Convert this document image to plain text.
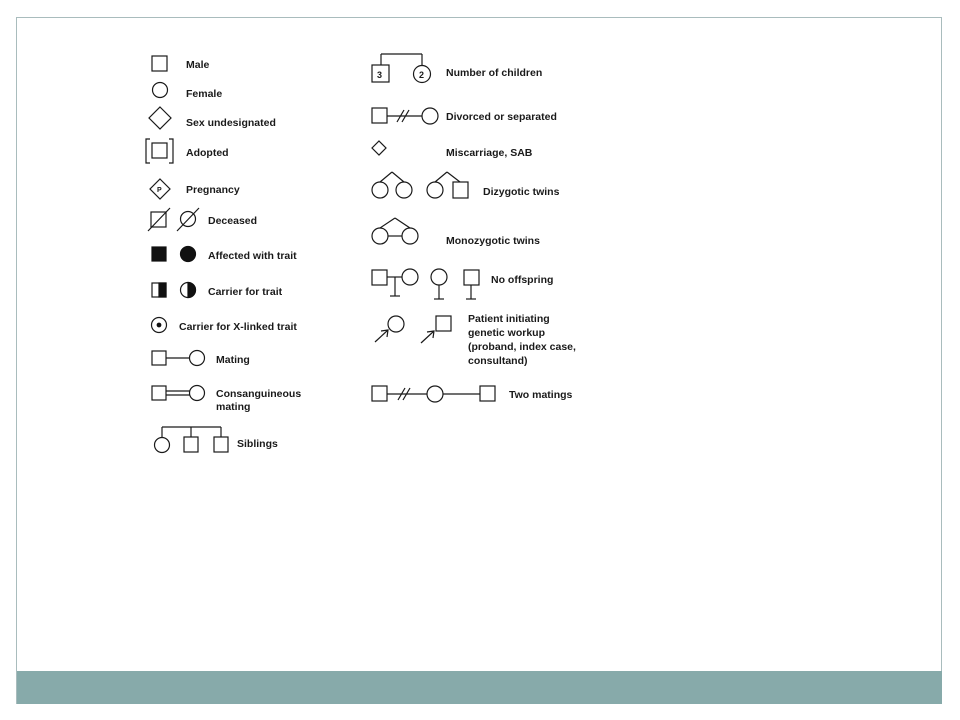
Male
Female
Sex undesignated
Adopted
P Pregnancy
Deceased
Affected with trait
Carrier for trait
Carrier for X-linked trait
Mating
Consanguineous
mating
Siblings
3	2 Number of children
Divorced or separated
Miscarriage, SAB
Dizygotic twins
Monozygotic twins
No offspring
Patient initiating
genetic workup
(proband, index case,
consultand)
Two matings
